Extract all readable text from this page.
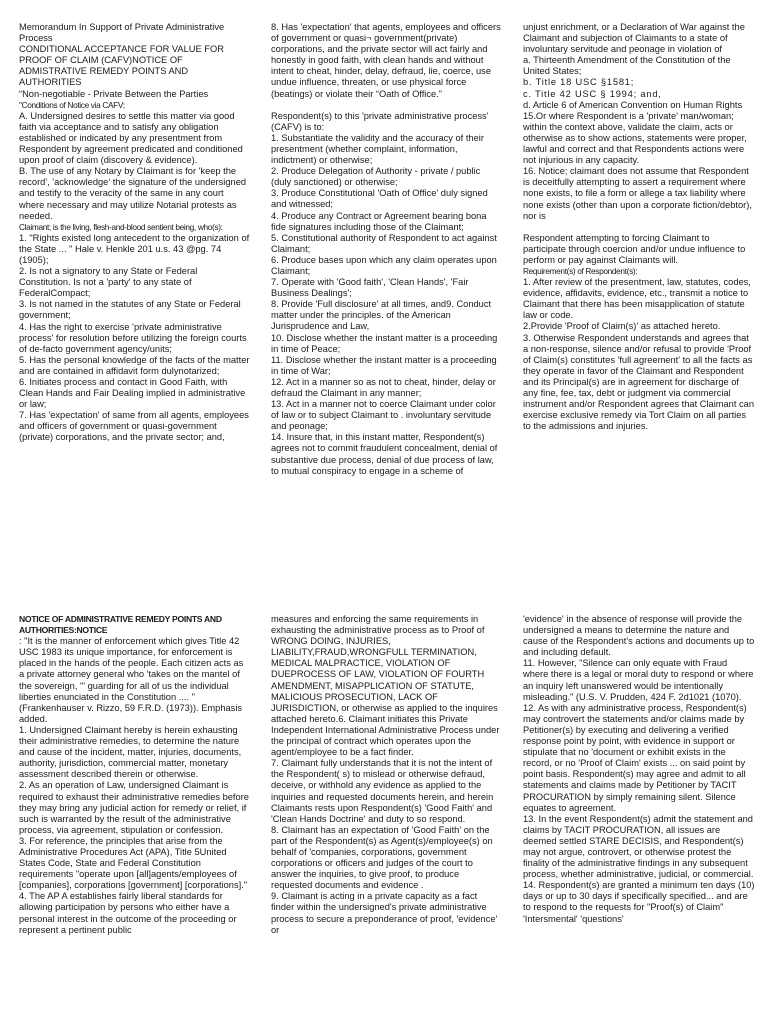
Memorandum In Support of Private Administrative Process

CONDITIONAL ACCEPTANCE FOR VALUE FOR PROOF OF CLAIM (CAFV)NOTICE OF ADMISTRATIVE REMEDY POINTS AND AUTHORITIES

“Non-negotiable - Private Between the Parties

"Conditions of Notice via CAFV;

A. Undersigned desires to settle this matter via good faith via acceptance and to satisfy any obligation established or indicated by any presentment from Respondent by agreement predicated and conditioned upon proof of claim (discovery & evidence).

B. The use of any Notary by Claimant is for 'keep the record', 'acknowledge' the signature of the undersigned and testify to the veracity of the same in any court where necessary and may utilize Notarial protests as needed.

Claimant; is the living, flesh-and-blood sentient being, who(s):

1. "Rights existed long antecedent to the organization of the State ... " Hale v. Henkle 201 u.s. 43 @pg. 74 (1905);

2. Is not a signatory to any State or Federal Constitution. Is not a 'party' to any state of FederalCompact;

3. Is not named in the statutes of any State or Federal government;

4. Has the right to exercise 'private administrative process' for resolution before utilizing the foreign courts of de-facto government agency/units;

5. Has the personal knowledge of the facts of the matter and are contained in affidavit form dulynotarized;

6. Initiates process and contact in Good Faith, with Clean Hands and Fair Dealing implied in administrative or law;

7. Has 'expectation' of same from all agents, employees and officers of government or quasi-government (private) corporations, and the private sector; and,

8. Has 'expectation' that agents, employees and officers of government or quasi¬ government(private) corporations, and the private sector will act fairly and honestly in good faith, with clean hands and without intent to cheat, hinder, delay, defraud, lie, coerce, use undue influence, threaten, or use physical force (beatings) or violate their “Oath of Office.”

Respondent(s) to this 'private administrative process' (CAFV) is to:

1. Substantiate the validity and the accuracy of their presentment (whether complaint, information, indictment) or otherwise;

2. Produce Delegation of Authority - private / public (duly sanctioned) or otherwise;

3. Produce Constitutional 'Oath of Office' duly signed and witnessed;

4. Produce any Contract or Agreement bearing bona fide signatures including those of the Claimant;

5. Constitutional authority of Respondent to act against Claimant;

6. Produce bases upon which any claim operates upon Claimant;

7. Operate with 'Good faith', 'Clean Hands', 'Fair Business Dealings';

8. Provide 'Full disclosure' at all times, and9. Conduct matter under the principles. of the American Jurisprudence and Law,

10. Disclose whether the instant matter is a proceeding in time of Peace;

11. Disclose whether the instant matter is a proceeding in time of War;

12. Act in a manner so as not to cheat, hinder, delay or defraud the Claimant in any manner;

13. Act in a manner not to coerce Claimant under color of law or to subject Claimant to . involuntary servitude and peonage;

14. Insure that, in this instant matter, Respondent(s) agrees not to commit fraudulent concealment, denial of substantive due process, denial of due process of law, to mutual conspiracy to engage in a scheme of

unjust enrichment, or a Declaration of War against the Claimant and subjection of Claimants to a state of involuntary servitude and peonage in violation of

a. Thirteenth Amendment of the Constitution of the United States;

b. Title 18 USC §1581;

c. Title 42 USC § 1994; and,

d. Article 6 of American Convention on Human Rights

15.Or where Respondent is a 'private' man/woman; within the context above, validate the claim, acts or otherwise as to show actions, statements were proper, lawful and correct and that Respondents actions were not injurious in any capacity.

16. Notice; claimant does not assume that Respondent is deceitfully attempting to assert a requirement where none exists, to file a form or allege a tax liability where none exists (other than upon a corporate fiction/debtor), nor is

Respondent attempting to forcing Claimant to participate through coercion and/or undue influence to perform or pay against Claimants will.

Requirement(s) of Respondent(s):

1. After review of the presentment, law, statutes, codes, evidence, affidavits, evidence, etc., transmit a notice to Claimant that there has been misapplication of statute law or code.

2.Provide 'Proof of Claim(s)' as attached hereto.

3. Otherwise Respondent understands and agrees that a non-response, silence and/or refusal to provide 'Proof of Claim(s) constitutes 'full agreement' to all the facts as they operate in favor of the Claimant and Respondent and its Principal(s) are in agreement for discharge of any fine, fee, tax, debt or judgment via commercial instrument and/or Respondent agrees that Claimant can exercise exclusive remedy via Tort Claim on all parties to the admissions and injuries.

NOTICE OF ADMINISTRATIVE REMEDY POINTS AND AUTHORITIES:NOTICE

: "It is the manner of enforcement which gives Title 42 USC 1983 its unique importance, for enforcement is placed in the hands of the people. Each citizen acts as a private attorney general who 'takes on the mantel of the sovereign, '" guarding for all of us the individual liberties enunciated in the Constitution .... " (Frankenhauser v. Rizzo, 59 F.R.D. (1973)). Emphasis added.

1. Undersigned Claimant hereby is herein exhausting their administrative remedies, to determine the nature and cause of the incident, matter, injuries, documents, authority, jurisdiction, commercial matter, monetary assessment described therein or otherwise.

2. As an operation of Law, undersigned Claimant is required to exhaust their administrative remedies before they may bring any judicial action for remedy or relief, if such is warranted by the result of the administrative process, via agreement, stipulation or confession.

3. For reference, the principles that arise from the Administrative Procedures Act (APA), Title 5United States Code, State and Federal Constitution requirements "operate upon [all]agents/employees of [companies], corporations [government] [corporations]."

4. The AP A establishes fairly liberal standards for allowing participation by persons who either have a personal interest in the outcome of the proceeding or represent a pertinent public

measures and enforcing the same requirements in exhausting the administrative process as to Proof of WRONG DOING, INJURIES, LIABILITY,FRAUD,WRONGFULL TERMINATION, MEDICAL MALPRACTICE, VIOLATION OF DUEPROCESS OF LAW, VIOLATION OF FOURTH AMENDMENT, MISAPPLICATION OF STATUTE, MALICIOUS PROSECUTION, LACK OF JURISDICTION, or otherwise as applied to the inquires attached hereto.6. Claimant initiates this Private Independent International Administrative Process under the principal of contract which operates upon the agent/employee to be a fact finder.

7. Claimant fully understands that it is not the intent of the Respondent( s) to mislead or otherwise defraud, deceive, or withhold any evidence as applied to the inquiries and requested documents herein, and herein Claimants rests upon Respondent(s) 'Good Faith' and 'Clean Hands Doctrine' and duty to so respond.

8. Claimant has an expectation of 'Good Faith' on the part of the Respondent(s) as Agent(s)/employee(s) on behalf of 'companies, corporations, government corporations or officers and judges of the court to answer the inquiries, to give proof, to produce requested documents and evidence .

9. Claimant is acting in a private capacity as a fact finder within the undersigned's private administrative process to secure a preponderance of proof, 'evidence' or

'evidence' in the absence of response will provide the undersigned a means to determine the nature and cause of the Respondent's actions and documents up to and including default.

11. However, "Silence can only equate with Fraud where there is a legal or moral duty to respond or where an inquiry left unanswered would be intentionally misleading." (U.S. V. Prudden, 424 F. 2d1021 (1070).

12. As with any administrative process, Respondent(s) may controvert the statements and/or claims made by Petitioner(s) by executing and delivering a verified response point by point, with evidence in support or stipulate that no 'document or exhibit exists in the record, or no 'Proof of Claim' exists ... on said point by point basis. Respondent(s) may agree and admit to all statements and claims made by Petitioner by TACIT PROCURATION by simply remaining silent. Silence equates to agreement.

13. In the event Respondent(s) admit the statement and claims by TACIT PROCURATION, all issues are deemed settled STARE DECISIS, and Respondent(s) may not argue, controvert, or otherwise protest the finality of the administrative findings in any subsequent process, whether administrative, judicial, or commercial.

14. Respondent(s) are granted a minimum ten days (10) days or up to 30 days if specifically specified... and are to respond to the requests for "Proof(s) of Claim" 'Intersmental' 'questions'
